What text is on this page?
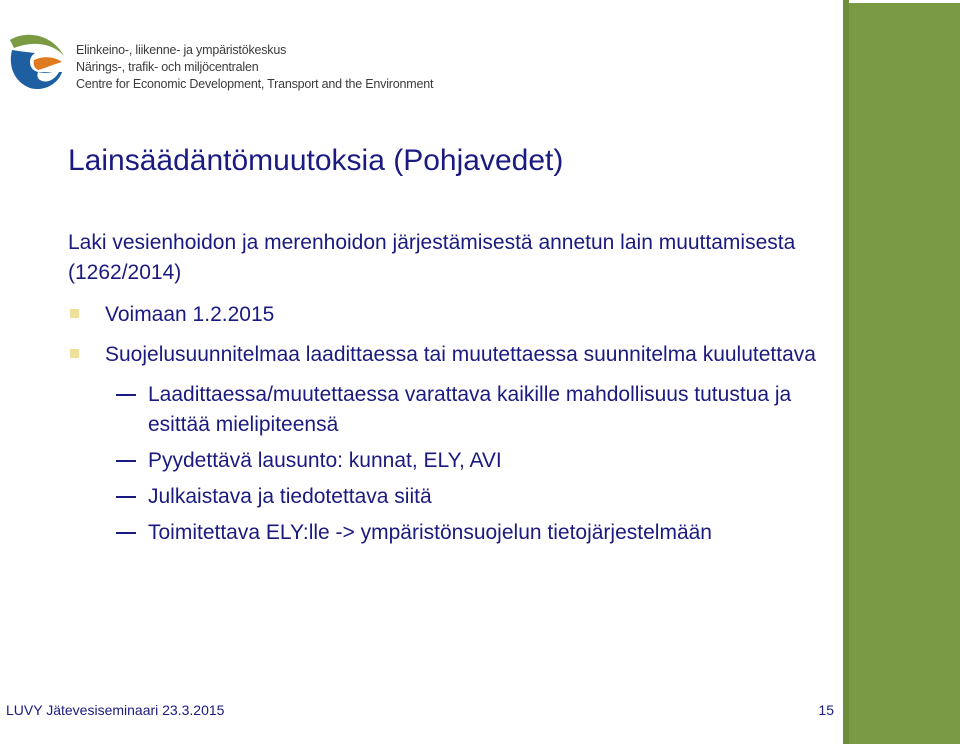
Elinkeino-, liikenne- ja ympäristökeskus
Närings-, trafik- och miljöcentralen
Centre for Economic Development, Transport and the Environment
Lainsäädäntömuutoksia (Pohjavedet)
Laki vesienhoidon ja merenhoidon järjestämisestä annetun lain muuttamisesta (1262/2014)
Voimaan 1.2.2015
Suojelusuunnitelmaa laadittaessa tai muutettaessa suunnitelma kuulutettava
Laadittaessa/muutettaessa varattava kaikille mahdollisuus tutustua ja esittää mielipiteensä
Pyydettävä lausunto: kunnat, ELY, AVI
Julkaistava ja tiedotettava siitä
Toimitettava ELY:lle -> ympäristönsuojelun tietojärjestelmään
LUVY Jätevesiseminaari 23.3.2015	15
